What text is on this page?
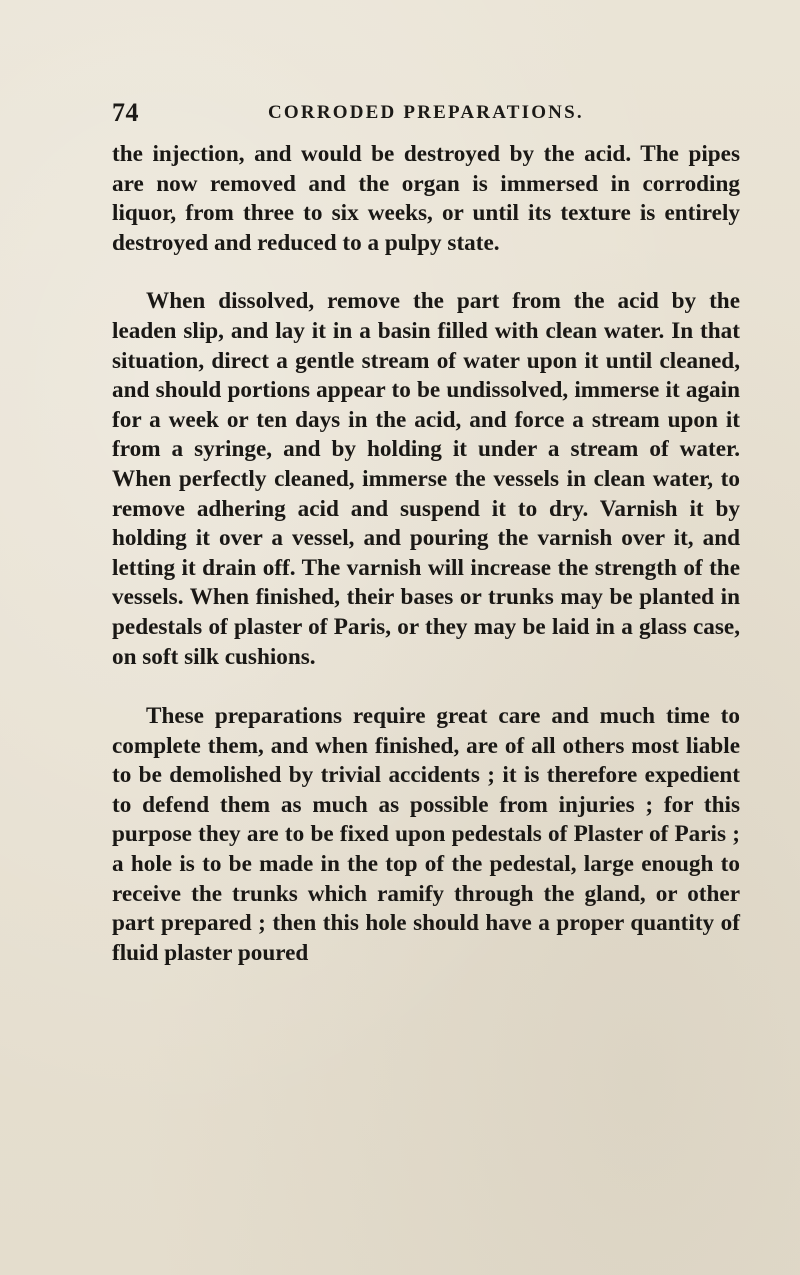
74	CORRODED PREPARATIONS.

the injection, and would be destroyed by the acid. The pipes are now removed and the organ is immersed in corroding liquor, from three to six weeks, or until its texture is entirely destroyed and reduced to a pulpy state.

When dissolved, remove the part from the acid by the leaden slip, and lay it in a basin filled with clean water. In that situation, direct a gentle stream of water upon it until cleaned, and should portions appear to be undissolved, immerse it again for a week or ten days in the acid, and force a stream upon it from a syringe, and by holding it under a stream of water. When perfectly cleaned, immerse the vessels in clean water, to remove adhering acid and suspend it to dry. Varnish it by holding it over a vessel, and pouring the varnish over it, and letting it drain off. The varnish will increase the strength of the vessels. When finished, their bases or trunks may be planted in pedestals of plaster of Paris, or they may be laid in a glass case, on soft silk cushions.

These preparations require great care and much time to complete them, and when finished, are of all others most liable to be demolished by trivial accidents ; it is therefore expedient to defend them as much as possible from injuries ; for this purpose they are to be fixed upon pedestals of Plaster of Paris ; a hole is to be made in the top of the pedestal, large enough to receive the trunks which ramify through the gland, or other part prepared ; then this hole should have a proper quantity of fluid plaster poured
